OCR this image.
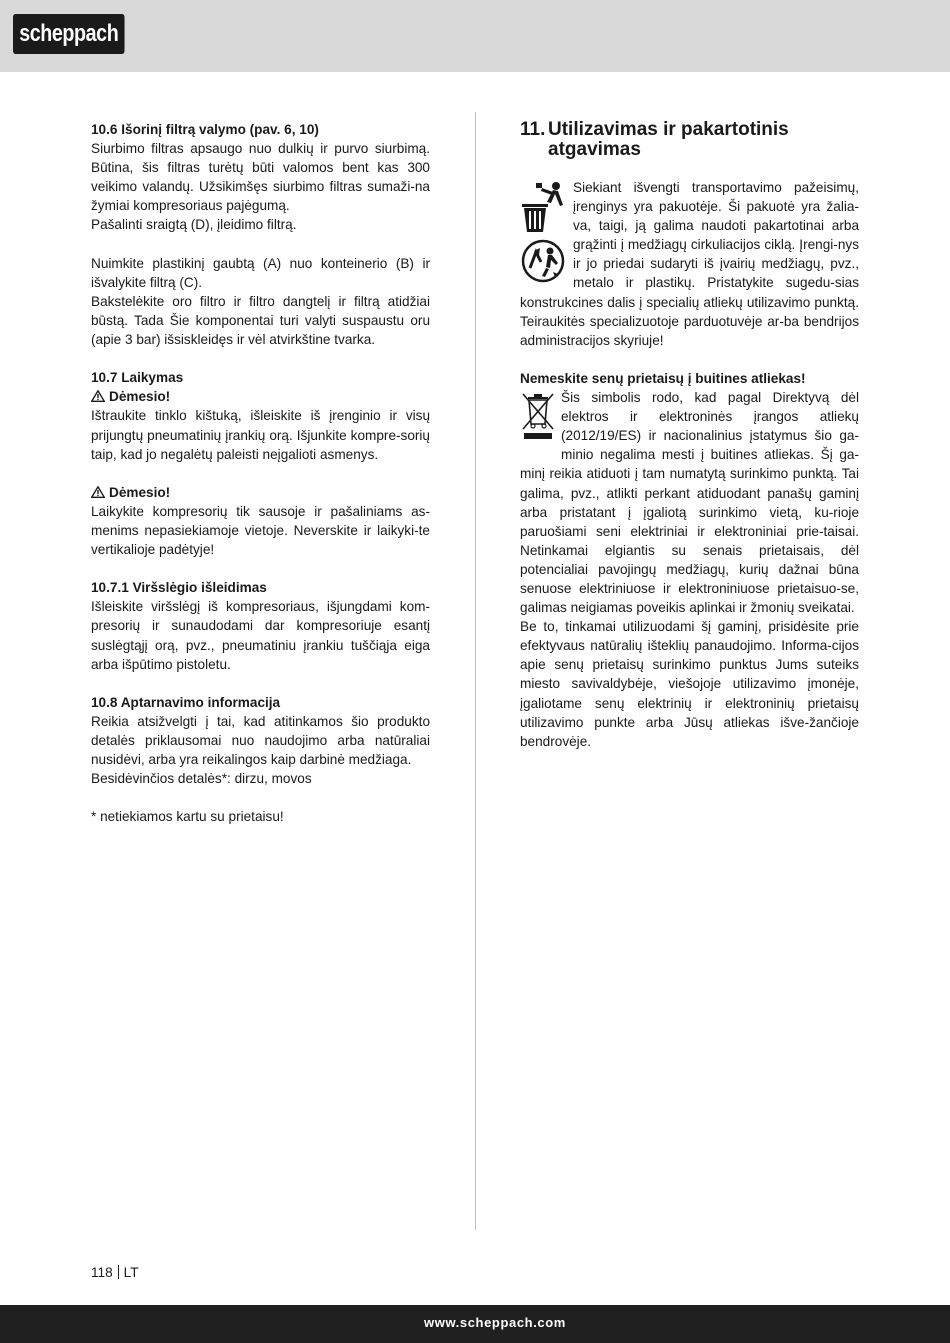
scheppach

10.6 Išorinį filtrą valymo (pav. 6, 10)

Siurbimo filtras apsaugo nuo dulkių ir purvo siurbimą. Būtina, šis filtras turėtų būti valomos bent kas 300 veikimo valandų. Užsikimšęs siurbimo filtras sumaži-na žymiai kompresoriaus pajėgumą.

Pašalinti sraigtą (D), įleidimo filtrą.

Nuimkite plastikinį gaubtą (A) nuo konteinerio (B) ir išvalykite filtrą (C).

Bakstelėkite oro filtro ir filtro dangtelį ir filtrą atidžiai būstą. Tada Šie komponentai turi valyti suspaustu oru (apie 3 bar) išsiskleidęs ir vėl atvirkštine tvarka.

10.7 Laikymas

Dėmesio!

Ištraukite tinklo kištuką, išleiskite iš įrenginio ir visų prijungtų pneumatinių įrankių orą. Išjunkite kompre-sorių taip, kad jo negalėtų paleisti neįgalioti asmenys.

Dėmesio!

Laikykite kompresorių tik sausoje ir pašaliniams as-menims nepasiekiamoje vietoje. Neverskite ir laikyki-te vertikalioje padėtyje!

10.7.1 Viršslėgio išleidimas

Išleiskite viršslėgį iš kompresoriaus, išjungdami kom-presorių ir sunaudodami dar kompresoriuje esantį suslėgtąjį orą, pvz., pneumatiniu įrankiu tuščiąja eiga arba išpūtimo pistoletu.

10.8 Aptarnavimo informacija

Reikia atsižvelgti į tai, kad atitinkamos šio produkto detalės priklausomai nuo naudojimo arba natūraliai nusidėvi, arba yra reikalingos kaip darbinė medžiaga.

Besidėvinčios detalės*: dirzu, movos

* netiekiamos kartu su prietaisu!

11. Utilizavimas ir pakartotinis atgavimas

Siekiant išvengti transportavimo pažeisimų, įrenginys yra pakuotėje. Ši pakuotė yra žalia-va, taigi, ją galima naudoti pakartotinai arba grąžinti į medžiagų cirkuliacijos ciklą. Įrengi-nys ir jo priedai sudaryti iš įvairių medžiagų, pvz., metalo ir plastikų. Pristatykite sugedu-sias konstrukcines dalis į specialių atliekų utilizavimo punktą. Teiraukitės specializuotoje parduotuvėje ar-ba bendrijos administracijos skyriuje!

Nemeskite senų prietaisų į buitines atliekas!

Šis simbolis rodo, kad pagal Direktyvą dėl elektros ir elektroninės įrangos atliekų (2012/19/ES) ir nacionalinius įstatymus šio ga-minio negalima mesti į buitines atliekas. Šį ga-minį reikia atiduoti į tam numatytą surinkimo punktą. Tai galima, pvz., atlikti perkant atiduodant panašų gaminį arba pristatant į įgaliotą surinkimo vietą, ku-rioje paruošiami seni elektriniai ir elektroniniai prie-taisai. Netinkamai elgiantis su senais prietaisais, dėl potencialiai pavojingų medžiagų, kurių dažnai būna senuose elektriniuose ir elektroniniuose prietaisuo-se, galimas neigiamas poveikis aplinkai ir žmonių sveikatai.

Be to, tinkamai utilizuodami šį gaminį, prisidėsite prie efektyvaus natūralių išteklių panaudojimo. Informa-cijos apie senų prietaisų surinkimo punktus Jums suteiks miesto savivaldybėje, viešojoje utilizavimo įmonėje, įgaliotame senų elektrinių ir elektroninių prietaisų utilizavimo punkte arba Jūsų atliekas išve-žančioje bendrovėje.

118 LT
www.scheppach.com
